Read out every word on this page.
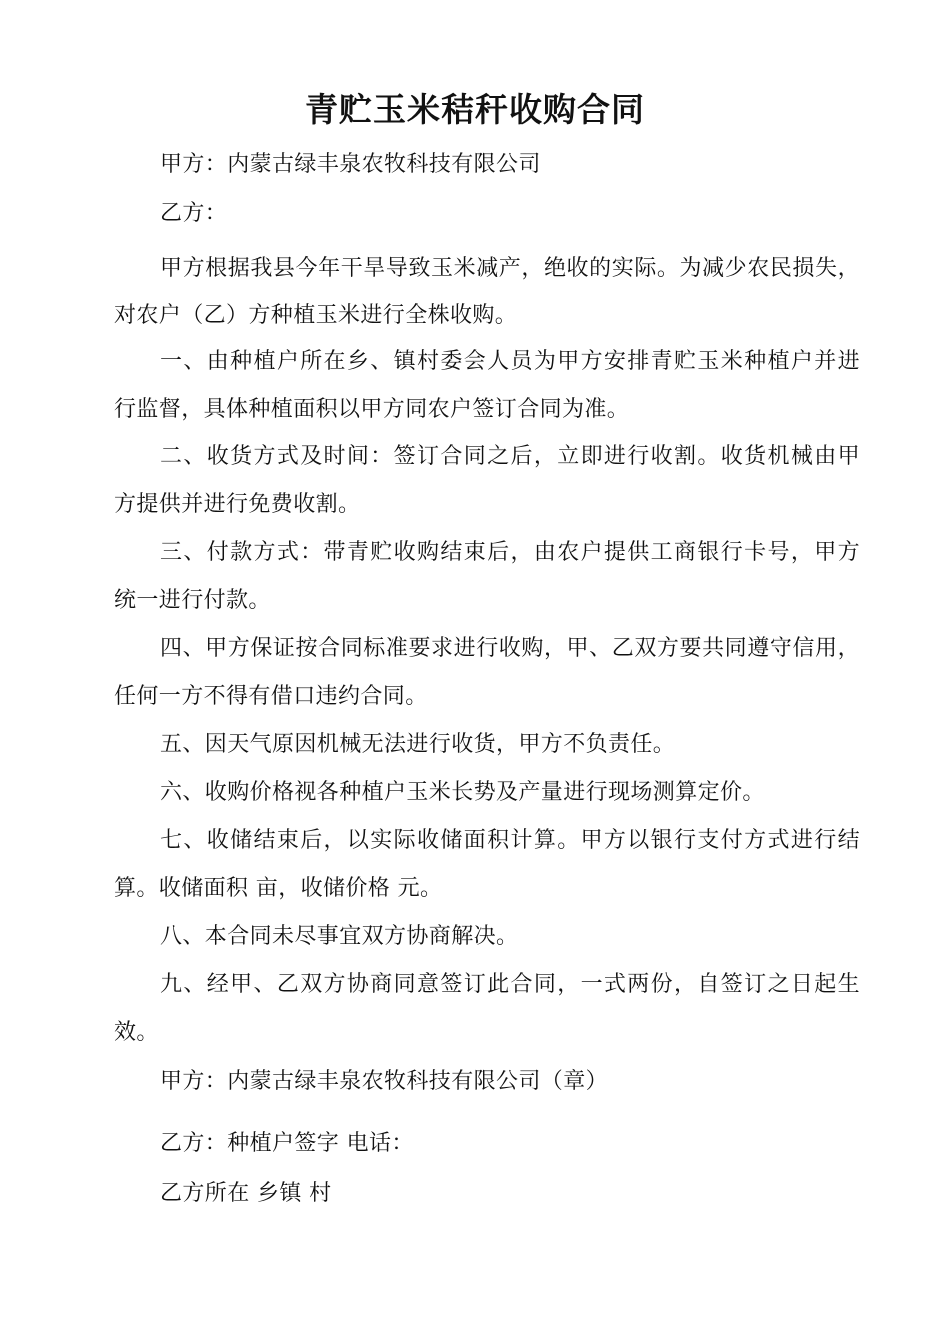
青贮玉米秸秆收购合同

甲方：内蒙古绿丰泉农牧科技有限公司

乙方：

甲方根据我县今年干旱导致玉米减产，绝收的实际。为减少农民损失，

对农户（乙）方种植玉米进行全株收购。

一、由种植户所在乡、镇村委会人员为甲方安排青贮玉米种植户并进

行监督，具体种植面积以甲方同农户签订合同为准。

二、收货方式及时间：签订合同之后，立即进行收割。收货机械由甲

方提供并进行免费收割。

三、付款方式：带青贮收购结束后，由农户提供工商银行卡号，甲方

统一进行付款。

四、甲方保证按合同标准要求进行收购，甲、乙双方要共同遵守信用，

任何一方不得有借口违约合同。

五、因天气原因机械无法进行收货，甲方不负责任。

六、收购价格视各种植户玉米长势及产量进行现场测算定价。

七、收储结束后，以实际收储面积计算。甲方以银行支付方式进行结

算。收储面积 亩，收储价格 元。

八、本合同未尽事宜双方协商解决。

九、经甲、乙双方协商同意签订此合同，一式两份，自签订之日起生

效。

甲方：内蒙古绿丰泉农牧科技有限公司（章）

乙方：种植户签字 电话：

乙方所在 乡镇 村
